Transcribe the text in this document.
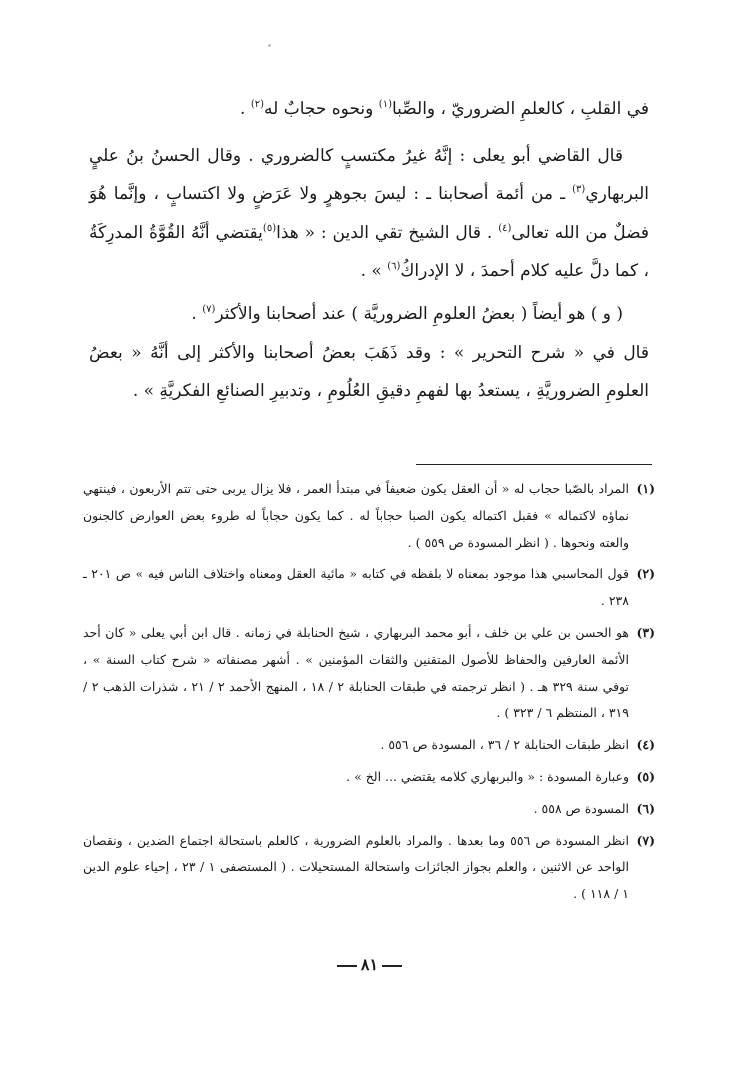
في القلبِ ، كالعلمِ الضروريّ ، والصِّبا$^{(١)}$ ونحوه حجابٌ له$^{(٢)}$ .

قال القاضي أبو يعلى : إنَّهُ غيرُ مكتسبٍ كالضروري . وقال الحسنُ بنُ عليٍ البربهاري$^{(٣)}$ ـ من أئمة أصحابنا ـ : ليسَ بجوهرٍ ولا عَرَضٍ ولا اكتسابٍ ، وإنَّما هُوَ فضلٌ من الله تعالى$^{(٤)}$ . قال الشيخ تقي الدين : « هذا$^{(٥)}$يقتضي أنَّهُ القُوَّةُ المدرِكَةُ ، كما دلَّ عليه كلام أحمدَ ، لا الإدراكُ$^{(٦)}$ » .

( و ) هو أيضاً ( بعضُ العلومِ الضروريَّة ) عند أصحابنا والأكثر$^{(٧)}$ .

قال في « شرح التحرير » : وقد ذَهَبَ بعضُ أصحابنا والأكثر إلى أنَّهُ « بعضُ العلومِ الضروريَّةِ ، يستعدُ بها لفهمِ دقيقِ العُلُومِ ، وتدبيرِ الصنائعِ الفكريَّةِ » .

(١)
المراد بالصّبا حجاب له « أن العقل يكون ضعيفاً في مبتدأ العمر ، فلا يزال يربى حتى تتم الأربعون ، فينتهي نماؤه لاكتماله » فقبل اكتماله يكون الصبا حجاباً له . كما يكون حجاباً له طروء بعض العوارض كالجنون والعته ونحوها . ( انظر المسودة ص ٥٥٩ ) .
(٢)
قول المحاسبي هذا موجود بمعناه لا بلفظه في كتابه « مائية العقل ومعناه واختلاف الناس فيه » ص ٢٠١ ـ ٢٣٨ .
(٣)
هو الحسن بن علي بن خلف ، أبو محمد البربهاري ، شيخ الحنابلة في زمانه . قال ابن أبي يعلى « كان أحد الأئمة العارفين والحفاظ للأصول المتقنين والثقات المؤمنين » . أشهر مصنفاته « شرح كتاب السنة » ، توفي سنة ٣٢٩ هـ . ( انظر ترجمته في طبقات الحنابلة ٢ / ١٨ ، المنهج الأحمد ٢ / ٢١ ، شذرات الذهب ٢ / ٣١٩ ، المنتظم ٦ / ٣٢٣ ) .
(٤)
انظر طبقات الحنابلة ٢ / ٣٦ ، المسودة ص ٥٥٦ .
(٥)
وعبارة المسودة : « والبربهاري كلامه يقتضي ... الخ » .
(٦)
المسودة ص ٥٥٨ .
(٧)
انظر المسودة ص ٥٥٦ وما بعدها . والمراد بالعلوم الضرورية ، كالعلم باستحالة اجتماع الضدين ، ونقصان الواحد عن الاثنين ، والعلم بجواز الجائزات واستحالة المستحيلات . ( المستصفى ١ / ٢٣ ، إحياء علوم الدين ١ / ١١٨ ) .
٨١
